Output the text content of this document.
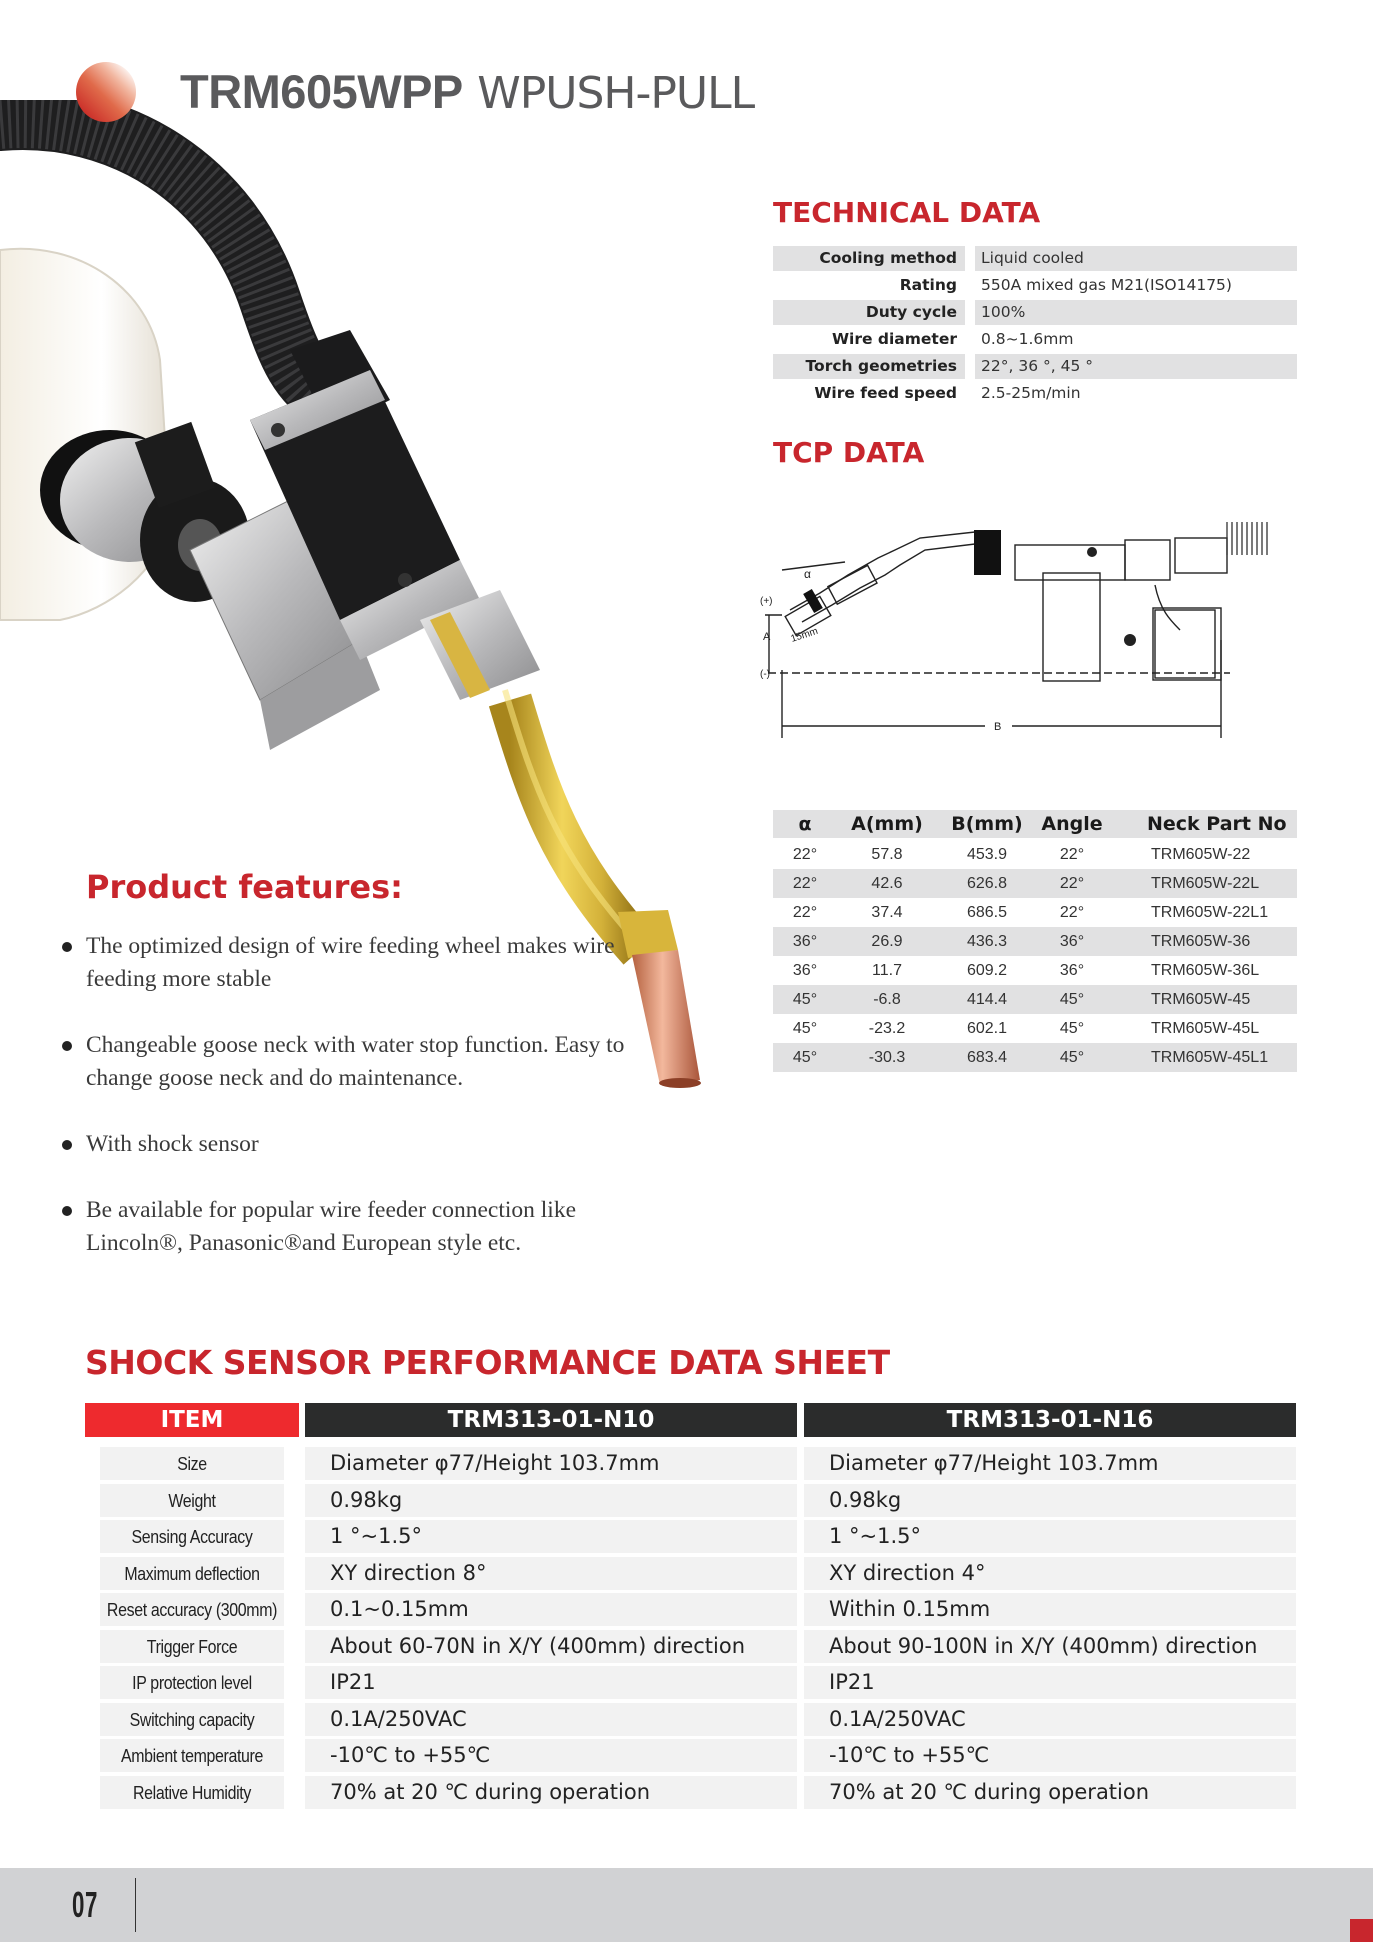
TRM605WPP WPUSH-PULL
TECHNICAL DATA
Cooling method	Liquid cooled
Rating	550A mixed gas M21(ISO14175)
Duty cycle	100%
Wire diameter	0.8~1.6mm
Torch geometries	22°, 36 °, 45 °
Wire feed speed	2.5-25m/min
TCP DATA
α
(+)
A
(-)
15mm
B
α	A(mm)	B(mm) Angle	Neck Part No
22°	57.8	453.9	22°	TRM605W-22
22°	42.6	626.8	22°	TRM605W-22L
22°	37.4	686.5	22°	TRM605W-22L1
36°	26.9	436.3	36°	TRM605W-36
36°	11.7	609.2	36°	TRM605W-36L
45°	-6.8	414.4	45°	TRM605W-45
45°	-23.2	602.1	45°	TRM605W-45L
45°	-30.3	683.4	45°	TRM605W-45L1
Product features:
The optimized design of wire feeding wheel makes wire feeding more stable
Changeable goose neck with water stop function. Easy to change goose neck and do maintenance.
With shock sensor
Be available for popular wire feeder connection like Lincoln®, Panasonic®and European style etc.
SHOCK SENSOR PERFORMANCE DATA SHEET
ITEM	TRM313-01-N10	TRM313-01-N16
Size	Diameter φ77/Height 103.7mm	Diameter φ77/Height 103.7mm
Weight	0.98kg	0.98kg
Sensing Accuracy	1 °~1.5°	1 °~1.5°
Maximum deflection	XY direction 8°	XY direction 4°
Reset accuracy (300mm)	0.1~0.15mm	Within 0.15mm
Trigger Force	About 60-70N in X/Y (400mm) direction	About 90-100N in X/Y (400mm) direction
IP protection level	IP21	IP21
Switching capacity	0.1A/250VAC	0.1A/250VAC
Ambient temperature	-10℃ to +55℃	-10℃ to +55℃
Relative Humidity	70% at 20 ℃ during operation	70% at 20 ℃ during operation
07
